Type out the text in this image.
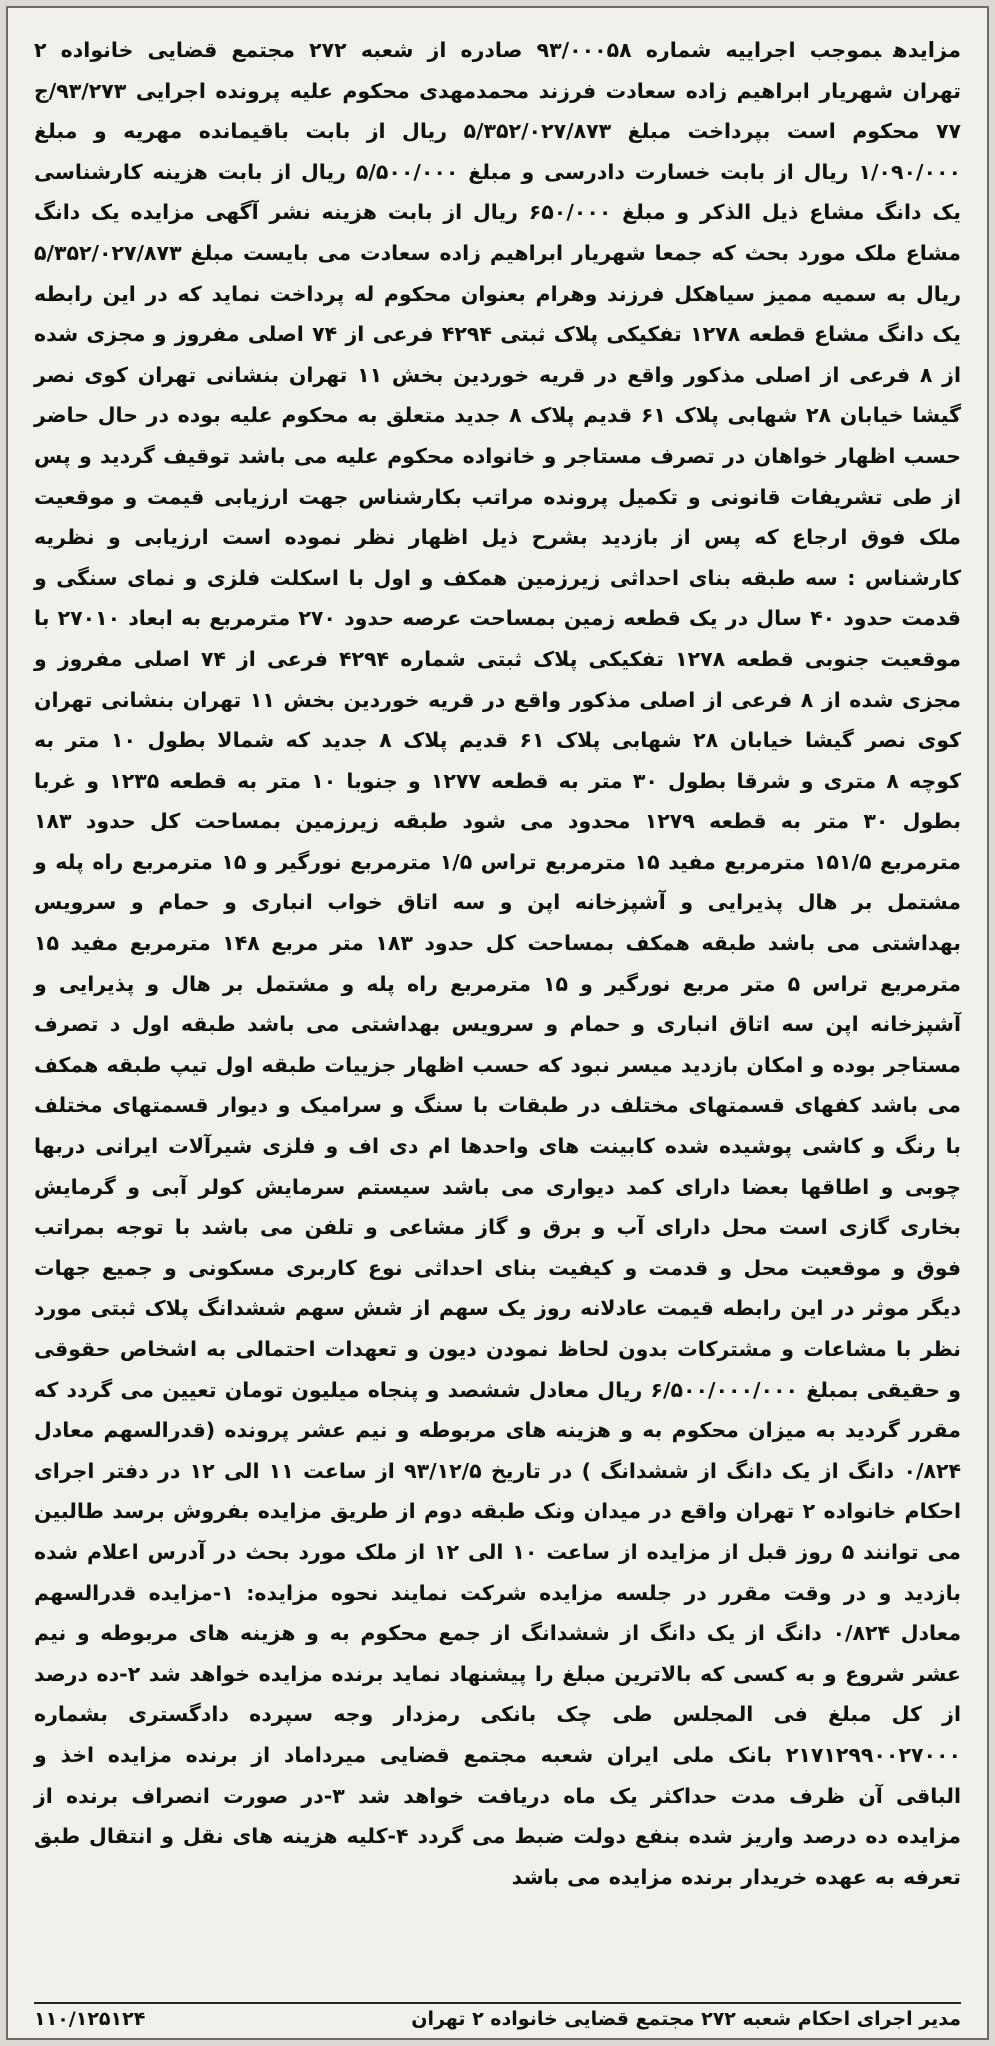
مزایدهبموجب اجراییه شماره ۹۳/۰۰۰۵۸ صادره از شعبه ۲۷۲ مجتمع قضایی خانواده ۲ تهران شهریار ابراهیم زاده سعادت فرزند محمدمهدی محکوم علیه پرونده اجرایی ۹۳/۲۷۳/ج ۷۷ محکوم است بپرداخت مبلغ ۵/۳۵۲/۰۲۷/۸۷۳ ریال از بابت باقیمانده مهریه و مبلغ ۱/۰۹۰/۰۰۰ ریال از بابت خسارت دادرسی و مبلغ ۵/۵۰۰/۰۰۰ ریال از بابت هزینه کارشناسی یک دانگ مشاع ذیل الذکر و مبلغ ۶۵۰/۰۰۰ ریال از بابت هزینه نشر آگهی مزایده یک دانگ مشاع ملک مورد بحث که جمعا شهریار ابراهیم زاده سعادت می بایست مبلغ ۵/۳۵۲/۰۲۷/۸۷۳ ریال به سمیه ممیز سیاهکل فرزند وهرام بعنوان محکوم له پرداخت نماید که در این رابطه یک دانگ مشاع قطعه ۱۲۷۸ تفکیکی پلاک ثبتی ۴۲۹۴ فرعی از ۷۴ اصلی مفروز و مجزی شده از ۸ فرعی از اصلی مذکور واقع در قریه خوردین بخش ۱۱ تهران بنشانی تهران کوی نصر گیشا خیابان ۲۸ شهابی پلاک ۶۱ قدیم پلاک ۸ جدید متعلق به محکوم علیه بوده در حال حاضر حسب اظهار خواهان در تصرف مستاجر و خانواده محکوم علیه می باشد توقیف گردید و پس از طی تشریفات قانونی و تکمیل پرونده مراتب بکارشناس جهت ارزیابی قیمت و موقعیت ملک فوق ارجاع که پس از بازدید بشرح ذیل اظهار نظر نموده است ارزیابی و نظریه کارشناس : سه طبقه بنای احداثی زیرزمین همکف و اول با اسکلت فلزی و نمای سنگی و قدمت حدود ۴۰ سال در یک قطعه زمین بمساحت عرصه حدود ۲۷۰ مترمربع به ابعاد ۲۷۰۱۰ با موقعیت جنوبی قطعه ۱۲۷۸ تفکیکی پلاک ثبتی شماره ۴۲۹۴ فرعی از ۷۴ اصلی مفروز و مجزی شده از ۸ فرعی از اصلی مذکور واقع در قریه خوردین بخش ۱۱ تهران بنشانی تهران کوی نصر گیشا خیابان ۲۸ شهابی پلاک ۶۱ قدیم پلاک ۸ جدید که شمالا بطول ۱۰ متر به کوچه ۸ متری و شرقا بطول ۳۰ متر به قطعه ۱۲۷۷ و جنوبا ۱۰ متر به قطعه ۱۲۳۵ و غربا بطول ۳۰ متر به قطعه ۱۲۷۹ محدود می شود طبقه زیرزمین بمساحت کل حدود ۱۸۳ مترمربع ۱۵۱/۵ مترمربع مفید ۱۵ مترمربع تراس ۱/۵ مترمربع نورگیر و ۱۵ مترمربع راه پله و مشتمل بر هال پذیرایی و آشپزخانه اپن و سه اتاق خواب انباری و حمام و سرویس بهداشتی می باشد طبقه همکف بمساحت کل حدود ۱۸۳ متر مربع ۱۴۸ مترمربع مفید ۱۵ مترمربع تراس ۵ متر مربع نورگیر و ۱۵ مترمربع راه پله و مشتمل بر هال و پذیرایی و آشپزخانه اپن سه اتاق انباری و حمام و سرویس بهداشتی می باشد طبقه اول د تصرف مستاجر بوده و امکان بازدید میسر نبود که حسب اظهار جزییات طبقه اول تیپ طبقه همکف می باشد کفهای قسمتهای مختلف در طبقات با سنگ و سرامیک و دیوار قسمتهای مختلف با رنگ و کاشی پوشیده شده کابینت های واحدها ام دی اف و فلزی شیرآلات ایرانی دربها چوبی و اطاقها بعضا دارای کمد دیواری می باشد سیستم سرمایش کولر آبی و گرمایش بخاری گازی است محل دارای آب و برق و گاز مشاعی و تلفن می باشد با توجه بمراتب فوق و موقعیت محل و قدمت و کیفیت بنای احداثی نوع کاربری مسکونی و جمیع جهات دیگر موثر در این رابطه قیمت عادلانه روز یک سهم از شش سهم ششدانگ پلاک ثبتی مورد نظر با مشاعات و مشترکات بدون لحاظ نمودن دیون و تعهدات احتمالی به اشخاص حقوقی و حقیقی بمبلغ ۶/۵۰۰/۰۰۰/۰۰۰ ریال معادل ششصد و پنجاه میلیون تومان تعیین می گردد که مقرر گردید به میزان محکوم به و هزینه های مربوطه و نیم عشر پرونده (قدرالسهم معادل ۰/۸۲۴ دانگ از یک دانگ از ششدانگ ) در تاریخ ۹۳/۱۲/۵ از ساعت ۱۱ الی ۱۲ در دفتر اجرای احکام خانواده ۲ تهران واقع در میدان ونک طبقه دوم از طریق مزایده بفروش برسد طالبین می توانند ۵ روز قبل از مزایده از ساعت ۱۰ الی ۱۲ از ملک مورد بحث در آدرس اعلام شده بازدید و در وقت مقرر در جلسه مزایده شرکت نمایند نحوه مزایده: ۱-مزایده قدرالسهم معادل ۰/۸۲۴ دانگ از یک دانگ از ششدانگ از جمع محکوم به و هزینه های مربوطه و نیم عشر شروع و به کسی که بالاترین مبلغ را پیشنهاد نماید برنده مزایده خواهد شد ۲-ده درصد از کل مبلغ فی المجلس طی چک بانکی رمزدار وجه سپرده دادگستری بشماره ۲۱۷۱۲۹۹۰۰۲۷۰۰۰ بانک ملی ایران شعبه مجتمع قضایی میرداماد از برنده مزایده اخذ و الباقی آن ظرف مدت حداکثر یک ماه دریافت خواهد شد ۳-در صورت انصراف برنده از مزایده ده درصد واریز شده بنفع دولت ضبط می گردد ۴-کلیه هزینه های نقل و انتقال طبق تعرفه به عهده خریدار برنده مزایده می باشد

۱۱۰/۱۲۵۱۲۴	مدیر اجرای احکام شعبه ۲۷۲ مجتمع قضایی خانواده ۲ تهران
